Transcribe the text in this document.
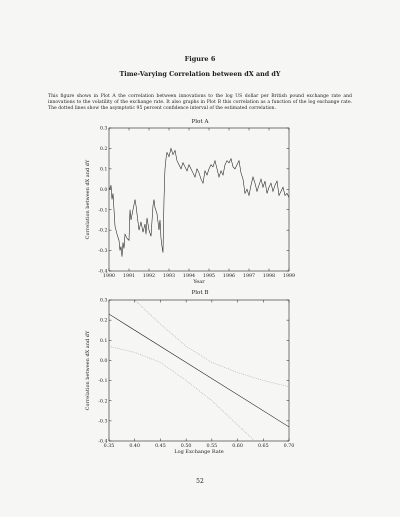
Figure 6
Time-Varying Correlation between dX and dY
This figure shows in Plot A the correlation between innovations to the log US dollar per British pound exchange rate and innovations to the volatility of the exchange rate. It also graphs in Plot B this correlation as a function of the log exchange rate. The dotted lines show the asymptotic 95 percent confidence interval of the estimated correlation.
Plot A
0.3
0.2
0.1
0.0
-0.1
-0.2
-0.3
-0.4
1990 1991 1992 1993 1994 1995 1996 1997 1998 1999
Year
Correlation between dX and dY
Plot B
0.3
0.2
0.1
0.0
-0.1
-0.2
-0.3
-0.4
0.35	0.40	0.45	0.50	0.55	0.60	0.65	0.70
Log Exchange Rate
Correlation between dX and dY
52
